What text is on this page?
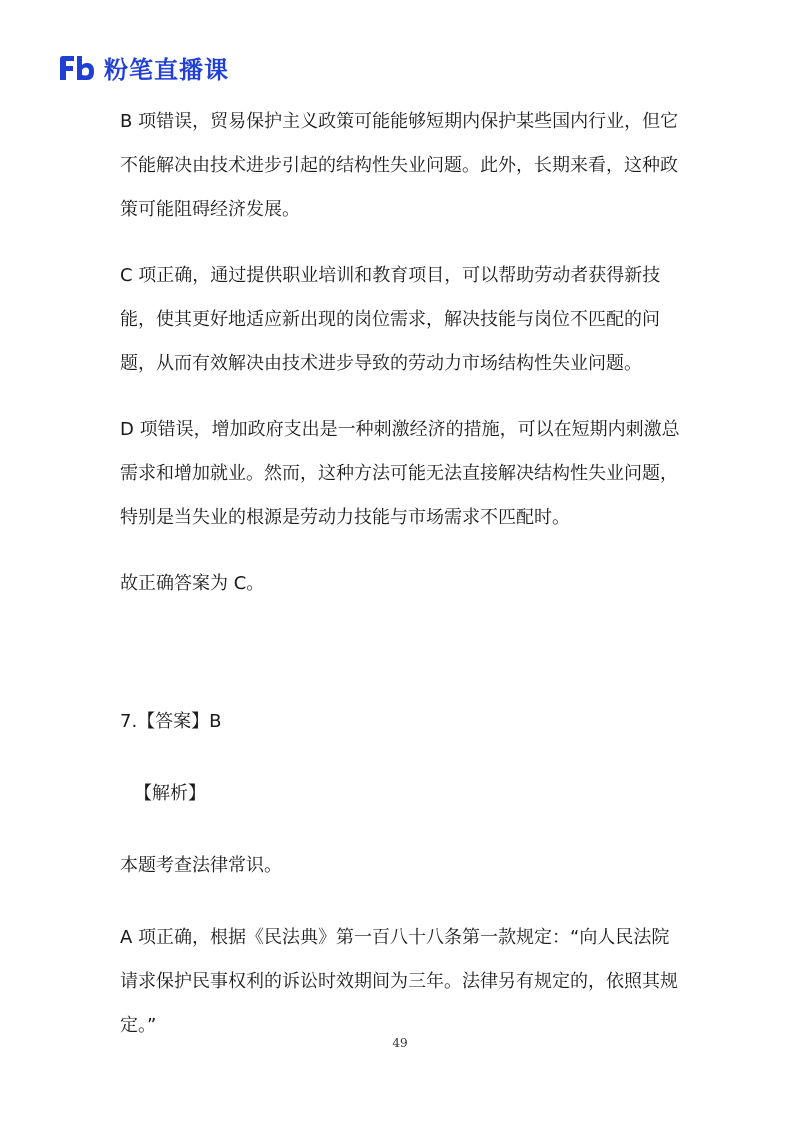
粉笔直播课

B 项错误，贸易保护主义政策可能能够短期内保护某些国内行业，但它不能解决由技术进步引起的结构性失业问题。此外，长期来看，这种政策可能阻碍经济发展。

C 项正确，通过提供职业培训和教育项目，可以帮助劳动者获得新技能，使其更好地适应新出现的岗位需求，解决技能与岗位不匹配的问题，从而有效解决由技术进步导致的劳动力市场结构性失业问题。

D 项错误，增加政府支出是一种刺激经济的措施，可以在短期内刺激总需求和增加就业。然而，这种方法可能无法直接解决结构性失业问题，特别是当失业的根源是劳动力技能与市场需求不匹配时。

故正确答案为 C。

7.【答案】B

【解析】

本题考查法律常识。

A 项正确，根据《民法典》第一百八十八条第一款规定：“向人民法院请求保护民事权利的诉讼时效期间为三年。法律另有规定的，依照其规定。”

49
